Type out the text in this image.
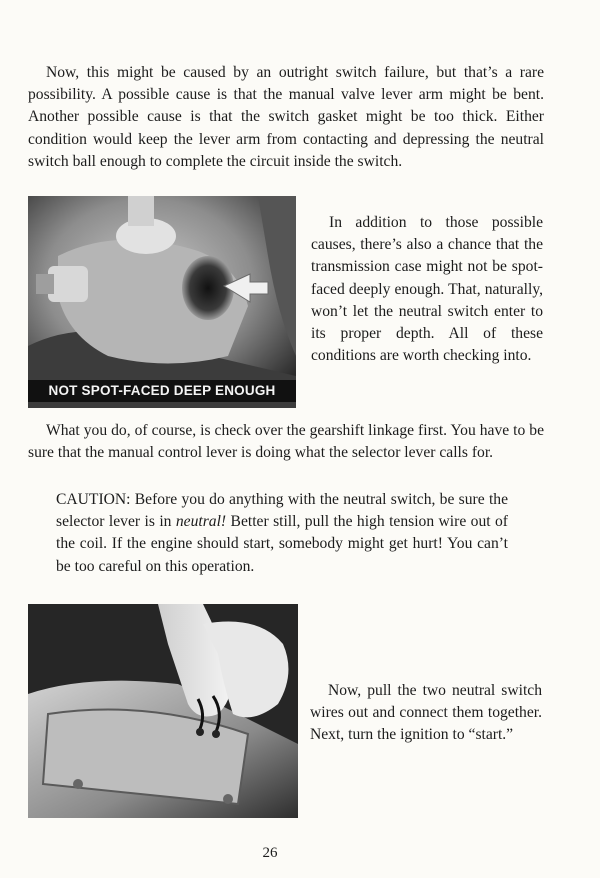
Now, this might be caused by an outright switch failure, but that’s a rare possibility. A possible cause is that the manual valve lever arm might be bent. Another possible cause is that the switch gasket might be too thick. Either condition would keep the lever arm from contacting and depressing the neutral switch ball enough to complete the circuit inside the switch.

NOT SPOT-FACED DEEP ENOUGH

In addition to those possible causes, there’s also a chance that the transmission case might not be spot-faced deeply enough. That, naturally, won’t let the neutral switch enter to its proper depth. All of these conditions are worth checking into.

What you do, of course, is check over the gearshift linkage first. You have to be sure that the manual control lever is doing what the selector lever calls for.

CAUTION: Before you do anything with the neutral switch, be sure the selector lever is in neutral! Better still, pull the high tension wire out of the coil. If the engine should start, somebody might get hurt! You can’t be too careful on this operation.

Now, pull the two neutral switch wires out and connect them together. Next, turn the ignition to “start.”

26
